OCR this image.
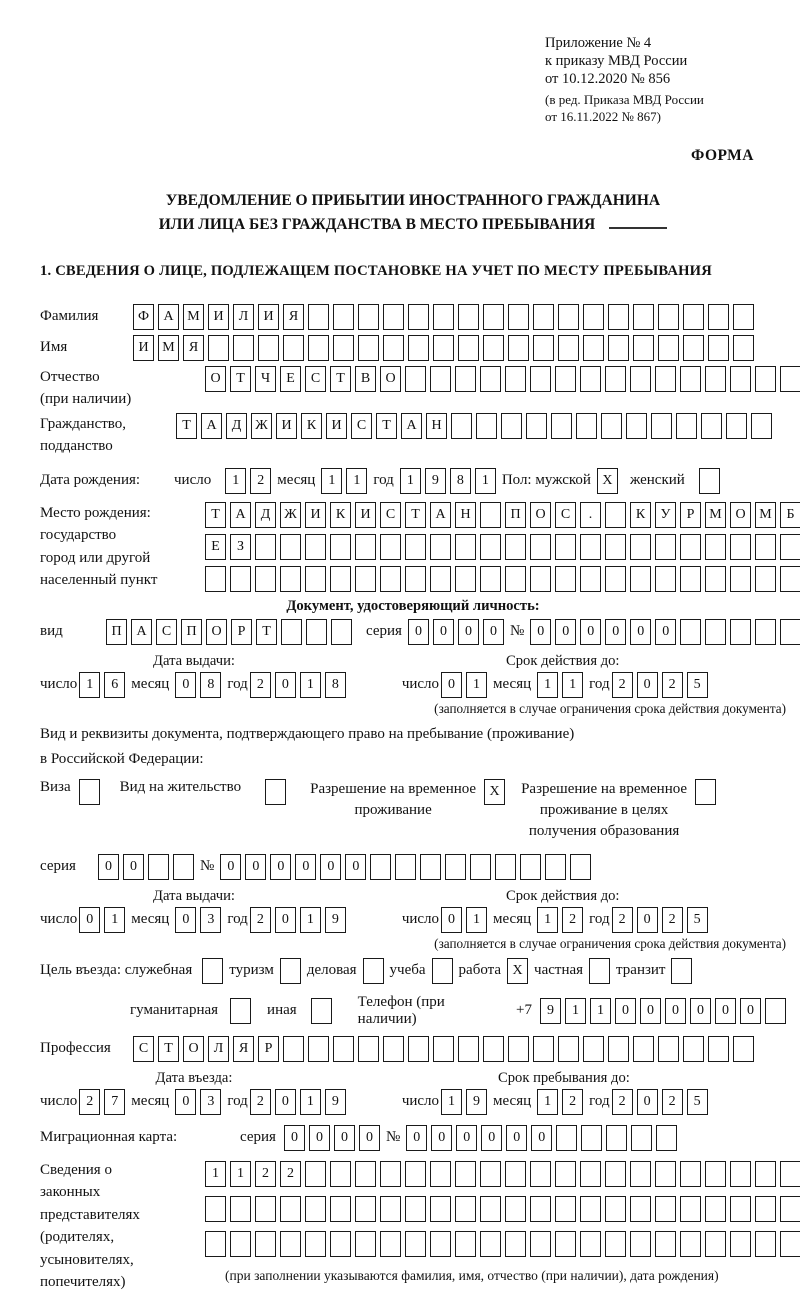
Приложение № 4
к приказу МВД России
от 10.12.2020 № 856
(в ред. Приказа МВД России
от 16.11.2022 № 867)
ФОРМА
УВЕДОМЛЕНИЕ О ПРИБЫТИИ ИНОСТРАННОГО ГРАЖДАНИНА
ИЛИ ЛИЦА БЕЗ ГРАЖДАНСТВА В МЕСТО ПРЕБЫВАНИЯ
1. СВЕДЕНИЯ О ЛИЦЕ, ПОДЛЕЖАЩЕМ ПОСТАНОВКЕ НА УЧЕТ ПО МЕСТУ ПРЕБЫВАНИЯ
Фамилия	Ф	А М И	Л	И	Я
Имя	И М	Я
Отчество
(при наличии)
О	Т	Ч	Е	С	Т	В	О
Гражданство,
подданство
Т	А	Д Ж И	К	И	С	Т	А	Н
Дата рождения:	число	1	2 месяц 1	1 год 1	9	8	1 Пол: мужской X	женский
Место рождения:
государство
город или другой
населенный пункт
Т	А	Д Ж И	К	И	С	Т	А	Н	П	О	С	.	К	У	Р	М О М	Б
Е	З
Документ, удостоверяющий личность:
вид	П	А	С	П	О	Р	Т	серия 0	0	0	0 № 0	0	0	0	0	0
Дата выдачи:	Срок действия до:
число 1	6 месяц 0	8 год 2	0	1	8	число 0	1 месяц 1	1 год 2	0	2	5
(заполняется в случае ограничения срока действия документа)
Вид и реквизиты документа, подтверждающего право на пребывание (проживание)
в Российской Федерации:
Виза	Вид на жительство	Разрешение на временное
проживание
X	Разрешение на временное
проживание в целях
получения образования
серия	0	0	№ 0	0	0	0	0	0
Дата выдачи:	Срок действия до:
число 0	1 месяц 0	3 год 2	0	1	9	число 0	1 месяц 1	2 год 2	0	2	5
(заполняется в случае ограничения срока действия документа)
Цель въезда: служебная туризм деловая учеба работа X частная транзит
гуманитарная	иная
Телефон (при наличии)
+7	9	1	1	0	0	0	0	0	0
Профессия	С	Т	О	Л	Я	Р
Дата въезда:	Срок пребывания до:
число 2	7 месяц 0	3 год 2	0	1	9	число 1	9 месяц 1	2 год 2	0	2	5
Миграционная карта:	серия	0	0	0	0 № 0	0	0	0	0	0
Сведения о
законных
представителях
(родителях,
усыновителях,
попечителях)
1	1	2	2
(при заполнении указываются фамилия, имя, отчество (при наличии), дата рождения)
